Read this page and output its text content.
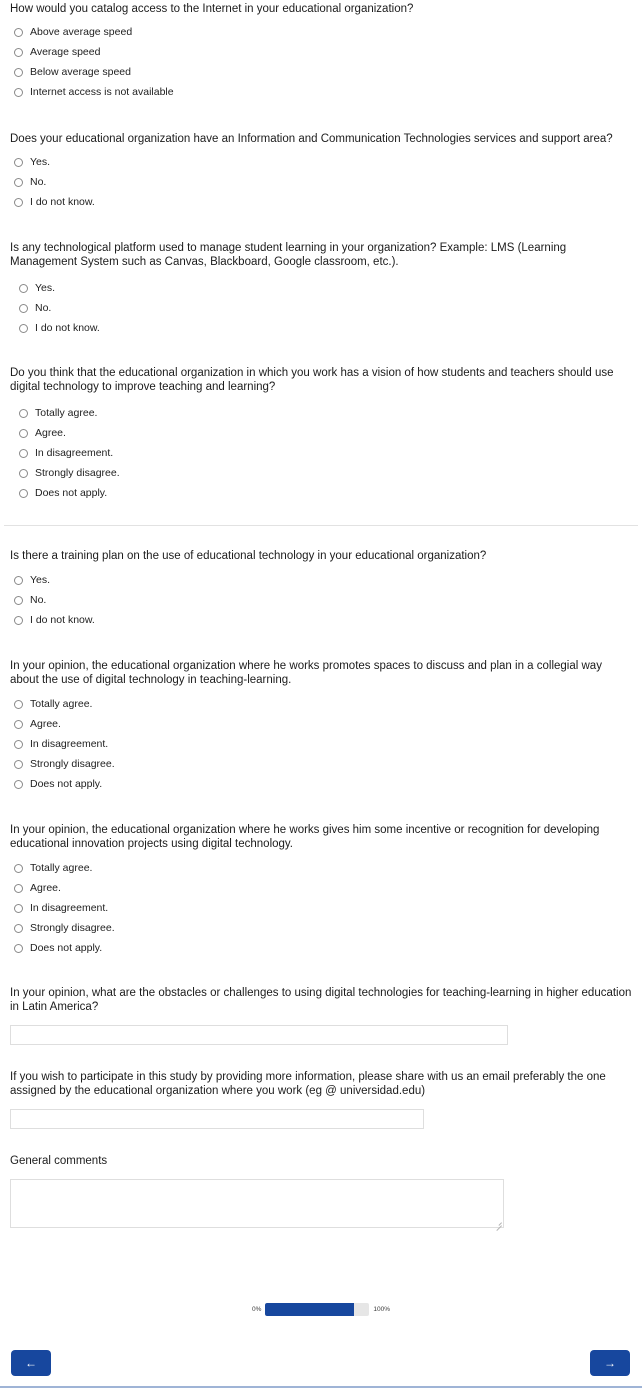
How would you catalog access to the Internet in your educational organization?

Above average speed
Average speed
Below average speed
Internet access is not available

Does your educational organization have an Information and Communication Technologies services and support area?

Yes.
No.
I do not know.

Is any technological platform used to manage student learning in your organization? Example: LMS (Learning Management System such as Canvas, Blackboard, Google classroom, etc.).

Yes.
No.
I do not know.

Do you think that the educational organization in which you work has a vision of how students and teachers should use digital technology to improve teaching and learning?

Totally agree.
Agree.
In disagreement.
Strongly disagree.
Does not apply.

Is there a training plan on the use of educational technology in your educational organization?

Yes.
No.
I do not know.

In your opinion, the educational organization where he works promotes spaces to discuss and plan in a collegial way about the use of digital technology in teaching-learning.

Totally agree.
Agree.
In disagreement.
Strongly disagree.
Does not apply.

In your opinion, the educational organization where he works gives him some incentive or recognition for developing educational innovation projects using digital technology.

Totally agree.
Agree.
In disagreement.
Strongly disagree.
Does not apply.

In your opinion, what are the obstacles or challenges to using digital technologies for teaching-learning in higher education in Latin America?

If you wish to participate in this study by providing more information, please share with us an email preferably the one assigned by the educational organization where you work (eg @ universidad.edu)

General comments

0%	100%
←	→
